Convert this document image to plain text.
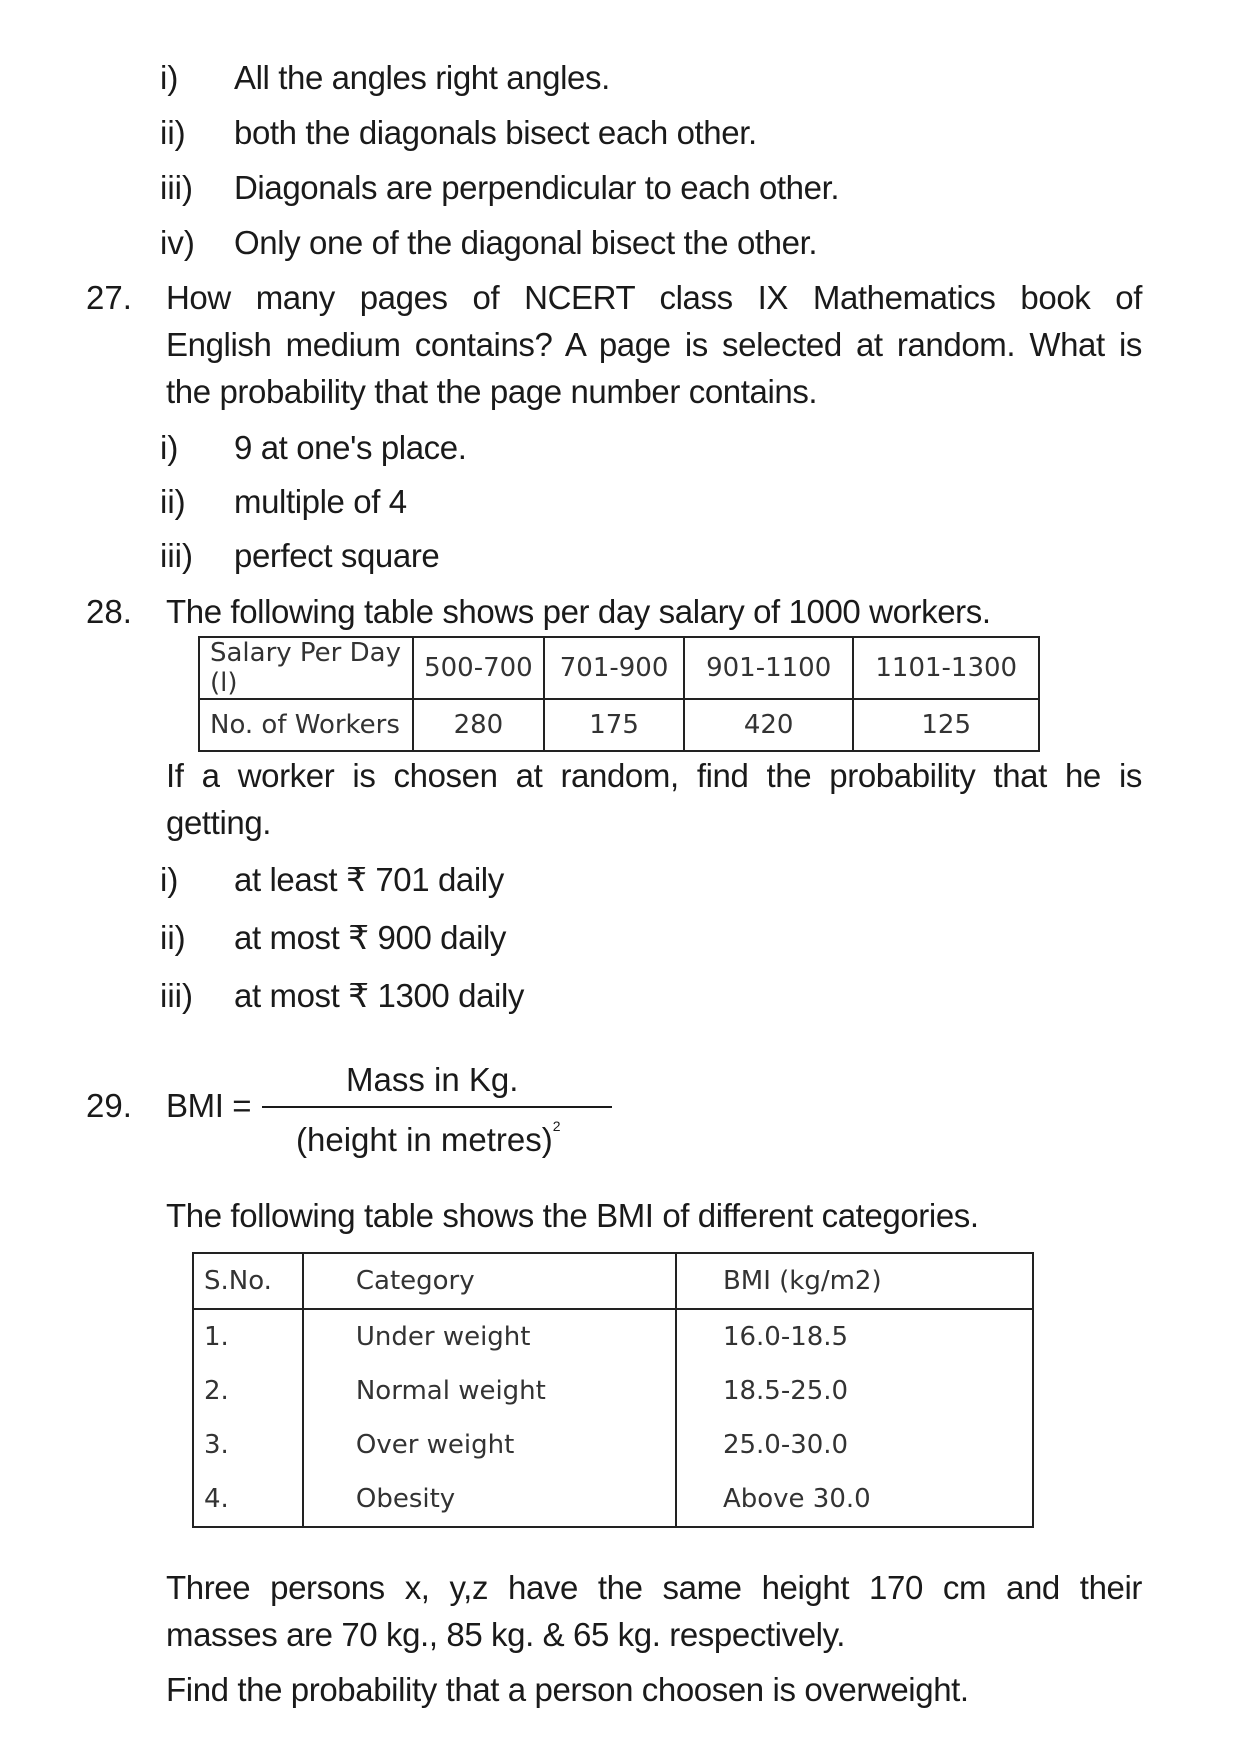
i) All the angles right angles.
ii) both the diagonals bisect each other.
iii) Diagonals are perpendicular to each other.
iv) Only one of the diagonal bisect the other.
27. How many pages of NCERT class IX Mathematics book of
English medium contains? A page is selected at random. What is
the probability that the page number contains.
i) 9 at one's place.
ii) multiple of 4
iii) perfect square
28. The following table shows per day salary of 1000 workers.
Salary Per Day (l)	500-700	701-900	901-1100	1101-1300
No. of Workers	280	175	420	125
If a worker is chosen at random, find the probability that he is
getting.
i) at least ₹ 701 daily
ii) at most ₹ 900 daily
iii) at most ₹ 1300 daily
29. BMI =
Mass in Kg.
(height in metres)$^2$
The following table shows the BMI of different categories.
S.No.	Category	BMI (kg/m2)
1.	Under weight	16.0-18.5
2.	Normal weight	18.5-25.0
3.	Over weight	25.0-30.0
4.	Obesity	Above 30.0
Three persons x, y,z have the same height 170 cm and their
masses are 70 kg., 85 kg. & 65 kg. respectively.
Find the probability that a person choosen is overweight.
